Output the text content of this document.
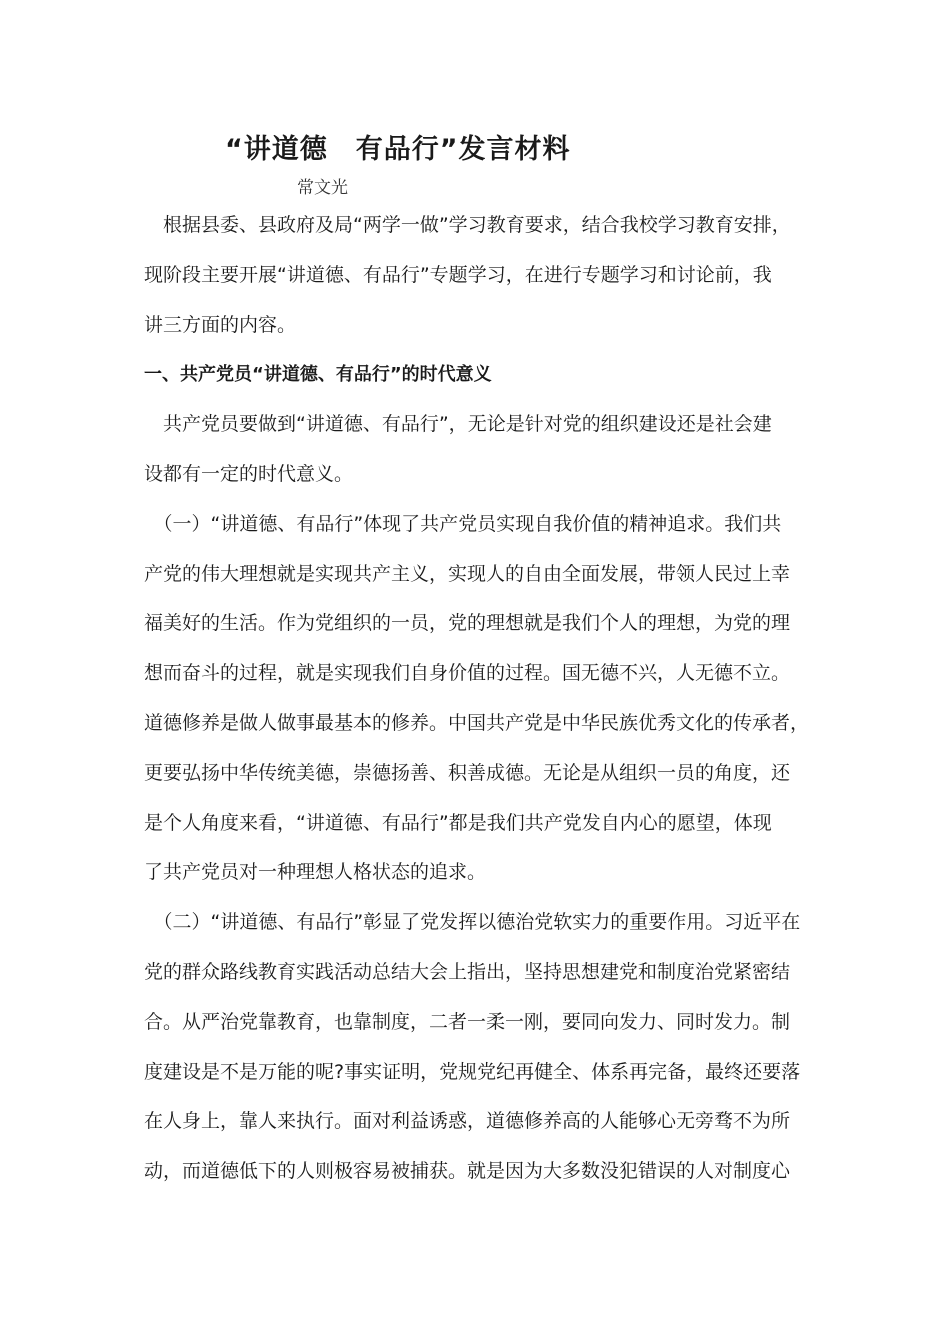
“讲道德　有品行”发言材料
常文光
　根据县委、县政府及局“两学一做”学习教育要求，结合我校学习教育安排，
现阶段主要开展“讲道德、有品行”专题学习，在进行专题学习和讨论前，我
讲三方面的内容。
一、共产党员“讲道德、有品行”的时代意义
　共产党员要做到“讲道德、有品行”，无论是针对党的组织建设还是社会建
设都有一定的时代意义。
　（一）“讲道德、有品行”体现了共产党员实现自我价值的精神追求。我们共
产党的伟大理想就是实现共产主义，实现人的自由全面发展，带领人民过上幸
福美好的生活。作为党组织的一员，党的理想就是我们个人的理想，为党的理
想而奋斗的过程，就是实现我们自身价值的过程。国无德不兴，人无德不立。
道德修养是做人做事最基本的修养。中国共产党是中华民族优秀文化的传承者，
更要弘扬中华传统美德，崇德扬善、积善成德。无论是从组织一员的角度，还
是个人角度来看，“讲道德、有品行”都是我们共产党发自内心的愿望，体现
了共产党员对一种理想人格状态的追求。
　（二）“讲道德、有品行”彰显了党发挥以德治党软实力的重要作用。习近平在
党的群众路线教育实践活动总结大会上指出，坚持思想建党和制度治党紧密结
合。从严治党靠教育，也靠制度，二者一柔一刚，要同向发力、同时发力。制
度建设是不是万能的呢?事实证明，党规党纪再健全、体系再完备，最终还要落
在人身上，靠人来执行。面对利益诱惑，道德修养高的人能够心无旁骛不为所
动，而道德低下的人则极容易被捕获。就是因为大多数没犯错误的人对制度心
